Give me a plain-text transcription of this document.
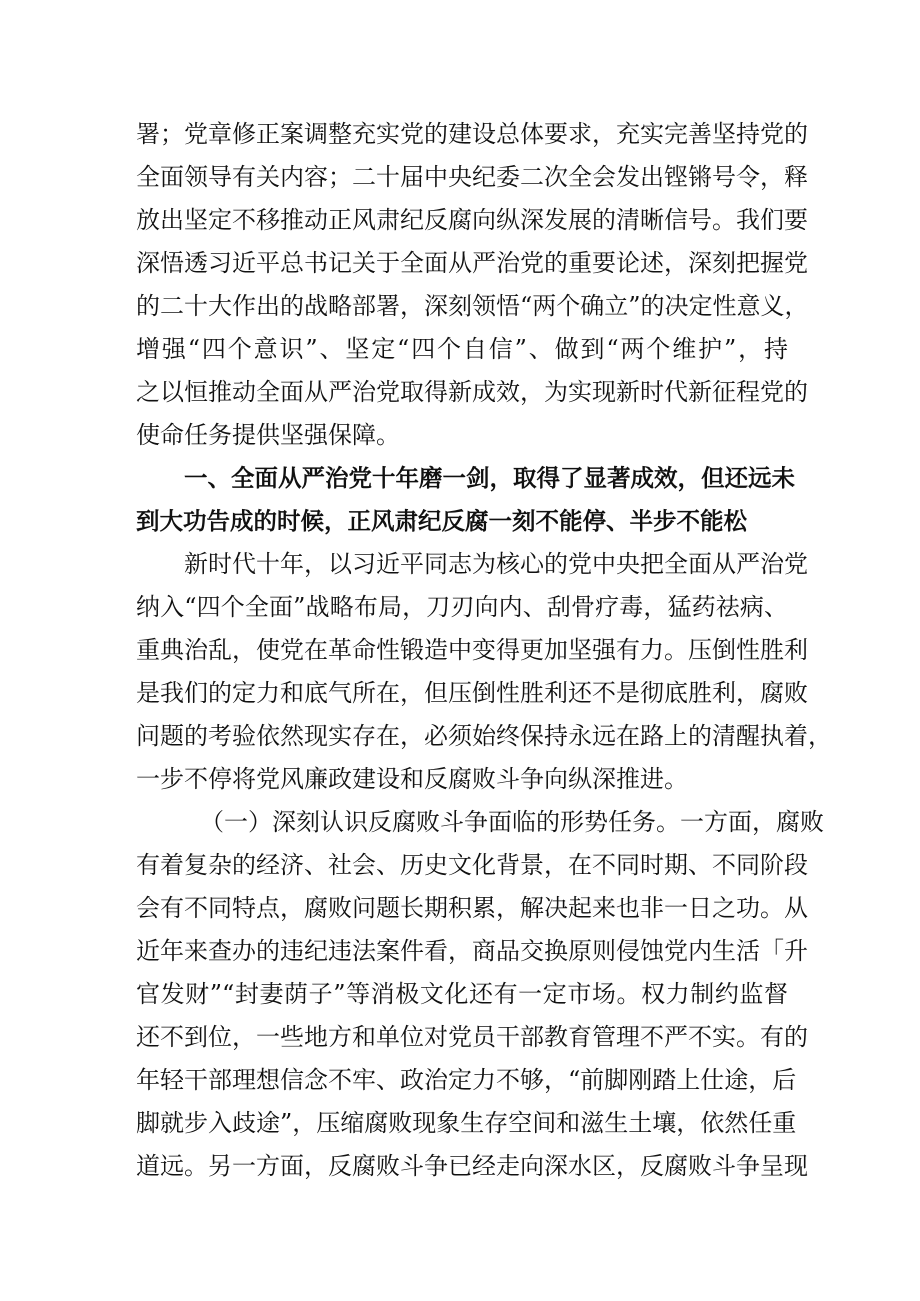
署；党章修正案调整充实党的建设总体要求，充实完善坚持党的
全面领导有关内容；二十届中央纪委二次全会发出铿锵号令，释
放出坚定不移推动正风肃纪反腐向纵深发展的清晰信号。我们要
深悟透习近平总书记关于全面从严治党的重要论述，深刻把握党
的二十大作出的战略部署，深刻领悟“两个确立”的决定性意义，
增强“四个意识”、坚定“四个自信”、做到“两个维护”，持
之以恒推动全面从严治党取得新成效，为实现新时代新征程党的
使命任务提供坚强保障。
一、全面从严治党十年磨一剑，取得了显著成效，但还远未
到大功告成的时候，正风肃纪反腐一刻不能停、半步不能松
新时代十年，以习近平同志为核心的党中央把全面从严治党
纳入“四个全面”战略布局，刀刃向内、刮骨疗毒，猛药祛病、
重典治乱，使党在革命性锻造中变得更加坚强有力。压倒性胜利
是我们的定力和底气所在，但压倒性胜利还不是彻底胜利，腐败
问题的考验依然现实存在，必须始终保持永远在路上的清醒执着，
一步不停将党风廉政建设和反腐败斗争向纵深推进。
（一）深刻认识反腐败斗争面临的形势任务。一方面，腐败
有着复杂的经济、社会、历史文化背景，在不同时期、不同阶段
会有不同特点，腐败问题长期积累，解决起来也非一日之功。从
近年来查办的违纪违法案件看，商品交换原则侵蚀党内生活「升
官发财”“封妻荫子”等消极文化还有一定市场。权力制约监督
还不到位，一些地方和单位对党员干部教育管理不严不实。有的
年轻干部理想信念不牢、政治定力不够，“前脚刚踏上仕途，后
脚就步入歧途”，压缩腐败现象生存空间和滋生土壤，依然任重
道远。另一方面，反腐败斗争已经走向深水区，反腐败斗争呈现
